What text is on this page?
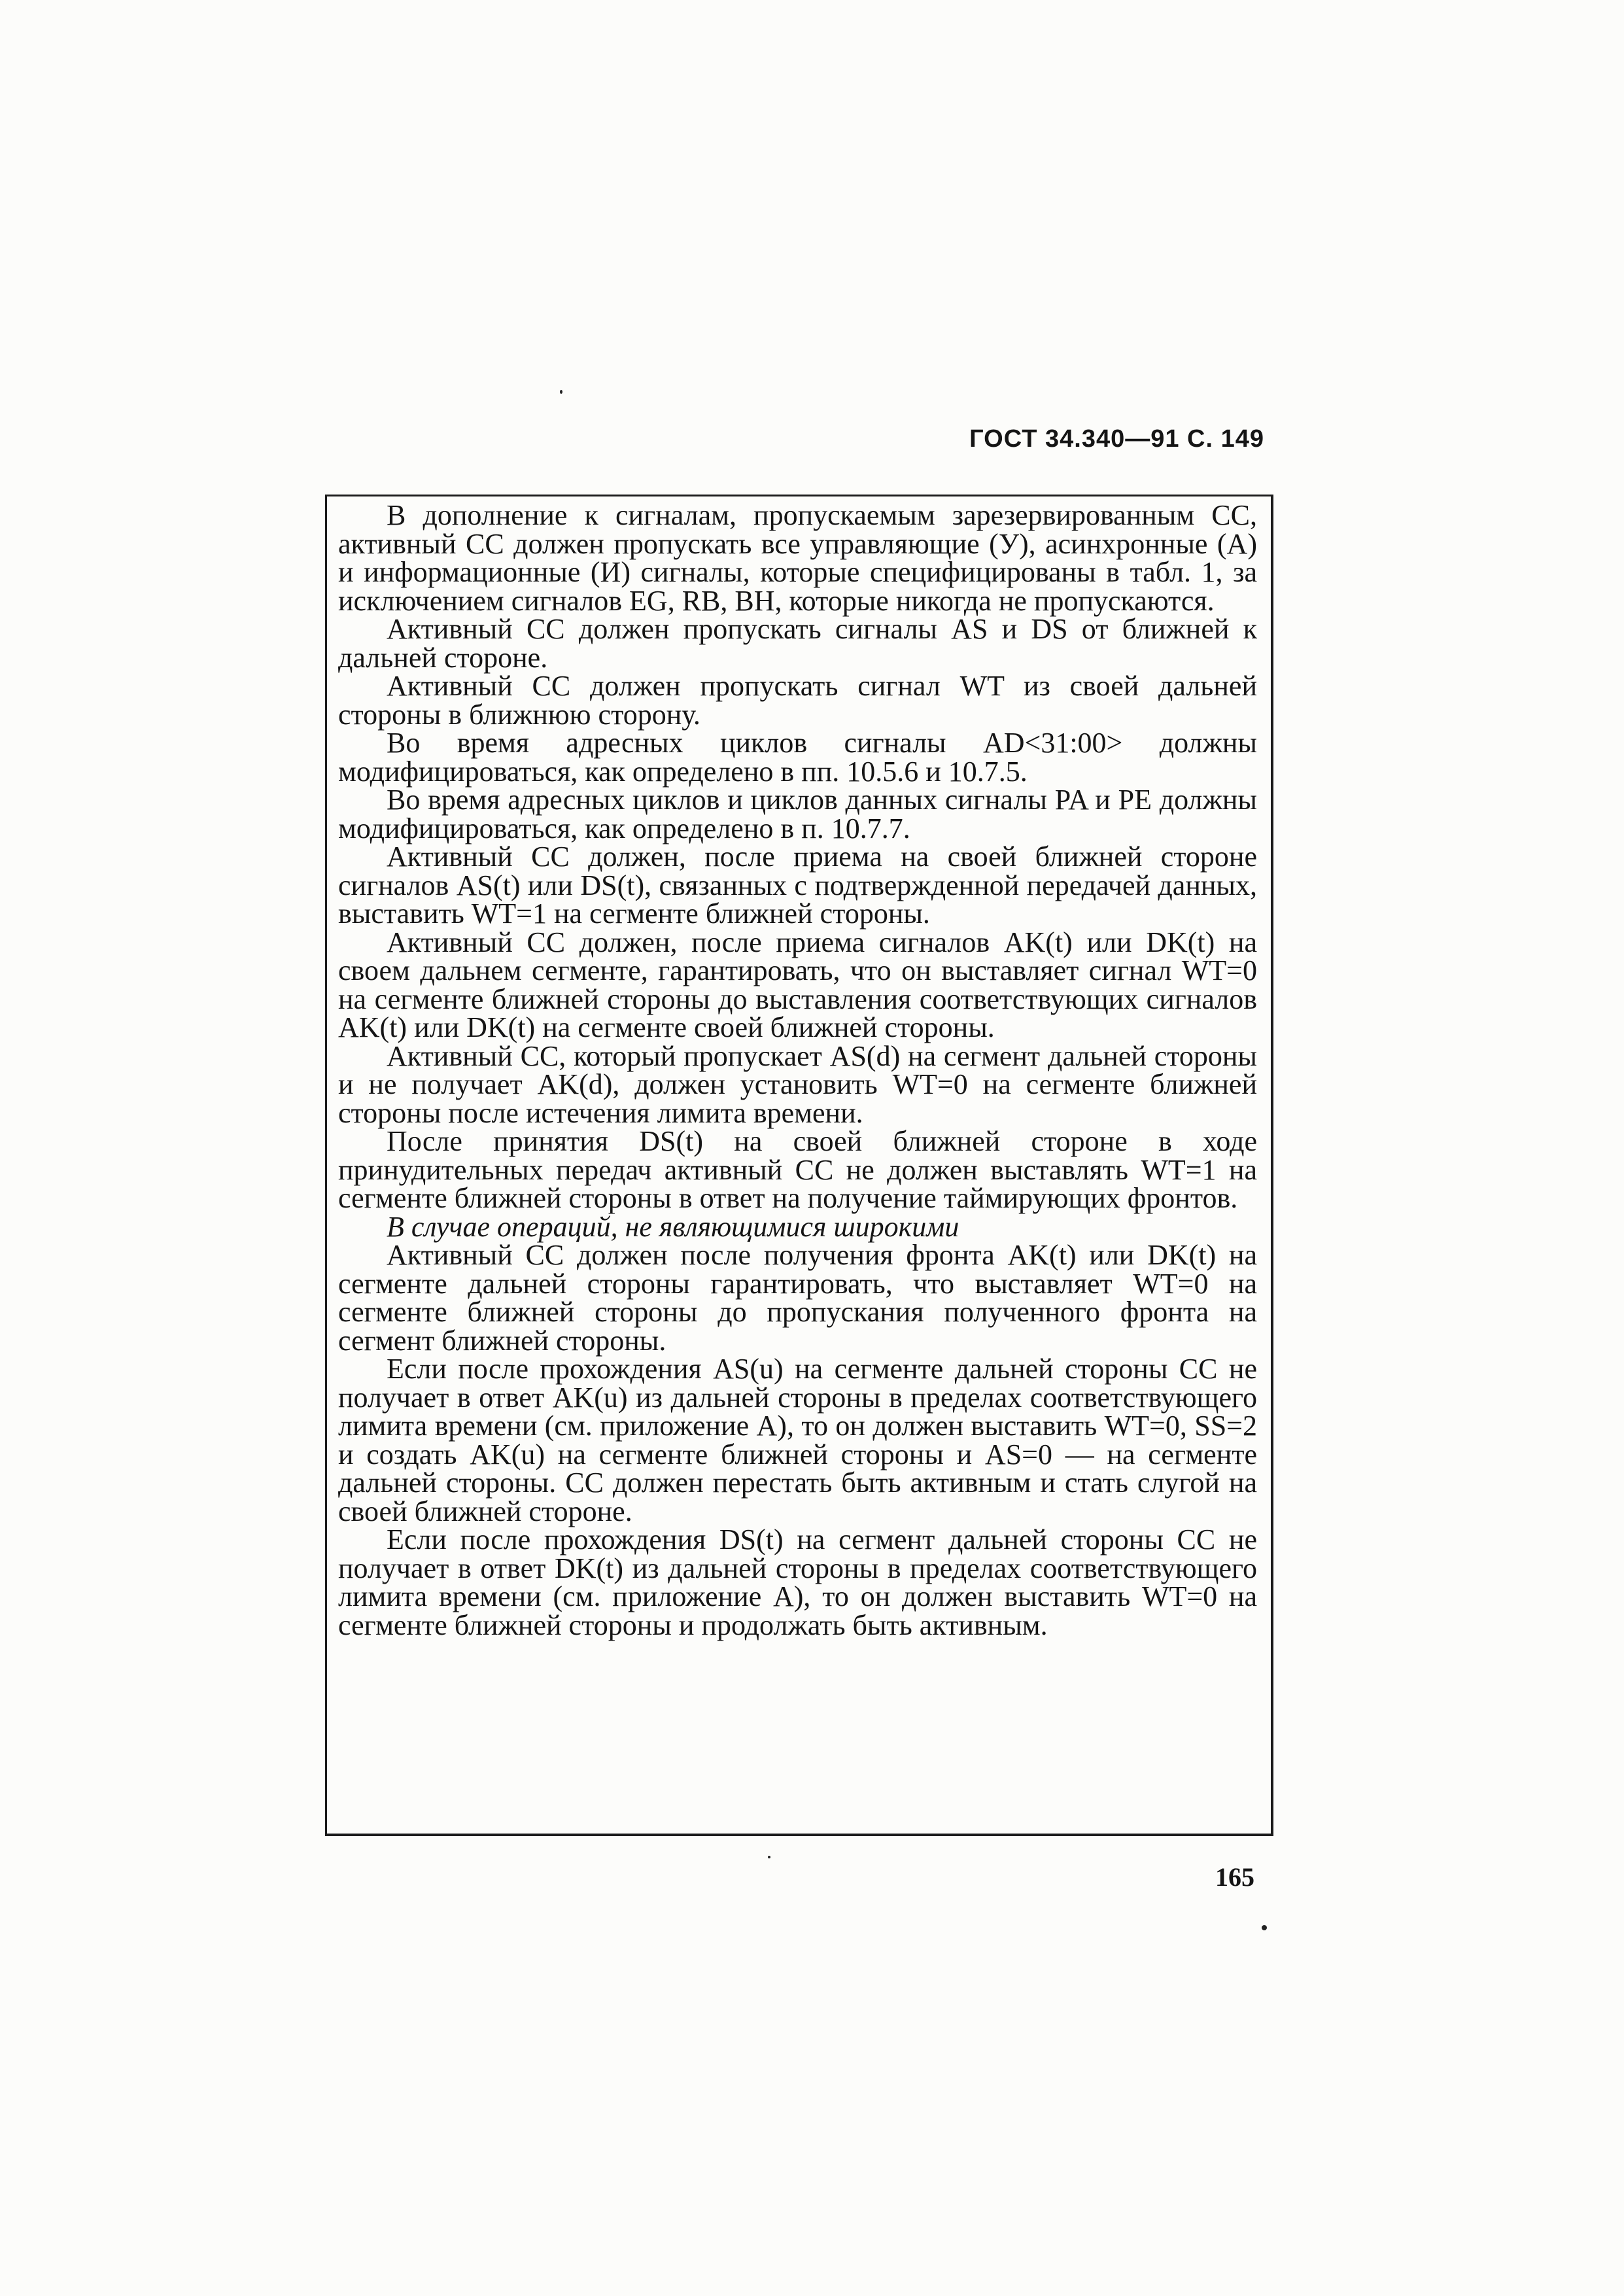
ГОСТ 34.340—91 С. 149

В дополнение к сигналам, пропускаемым зарезервированным СС, активный СС должен пропускать все управляющие (У), асинхронные (А) и информационные (И) сигналы, которые специфицированы в табл. 1, за исключением сигналов EG, RB, BH, которые никогда не пропускаются.

Активный СС должен пропускать сигналы AS и DS от ближней к дальней стороне.

Активный СС должен пропускать сигнал WT из своей дальней стороны в ближнюю сторону.

Во время адресных циклов сигналы AD<31:00> должны модифицироваться, как определено в пп. 10.5.6 и 10.7.5.

Во время адресных циклов и циклов данных сигналы PA и PE должны модифицироваться, как определено в п. 10.7.7.

Активный СС должен, после приема на своей ближней стороне сигналов AS(t) или DS(t), связанных с подтвержденной передачей данных, выставить WT=1 на сегменте ближней стороны.

Активный СС должен, после приема сигналов AK(t) или DK(t) на своем дальнем сегменте, гарантировать, что он выставляет сигнал WT=0 на сегменте ближней стороны до выставления соответствующих сигналов AK(t) или DK(t) на сегменте своей ближней стороны.

Активный СС, который пропускает AS(d) на сегмент дальней стороны и не получает AK(d), должен установить WT=0 на сегменте ближней стороны после истечения лимита времени.

После принятия DS(t) на своей ближней стороне в ходе принудительных передач активный СС не должен выставлять WT=1 на сегменте ближней стороны в ответ на получение таймирующих фронтов.

В случае операций, не являющимися широкими

Активный СС должен после получения фронта AK(t) или DK(t) на сегменте дальней стороны гарантировать, что выставляет WT=0 на сегменте ближней стороны до пропускания полученного фронта на сегмент ближней стороны.

Если после прохождения AS(u) на сегменте дальней стороны СС не получает в ответ AK(u) из дальней стороны в пределах соответствующего лимита времени (см. приложение А), то он должен выставить WT=0, SS=2 и создать AK(u) на сегменте ближней стороны и AS=0 — на сегменте дальней стороны. СС должен перестать быть активным и стать слугой на своей ближней стороне.

Если после прохождения DS(t) на сегмент дальней стороны СС не получает в ответ DK(t) из дальней стороны в пределах соответствующего лимита времени (см. приложение А), то он должен выставить WT=0 на сегменте ближней стороны и продолжать быть активным.

165
